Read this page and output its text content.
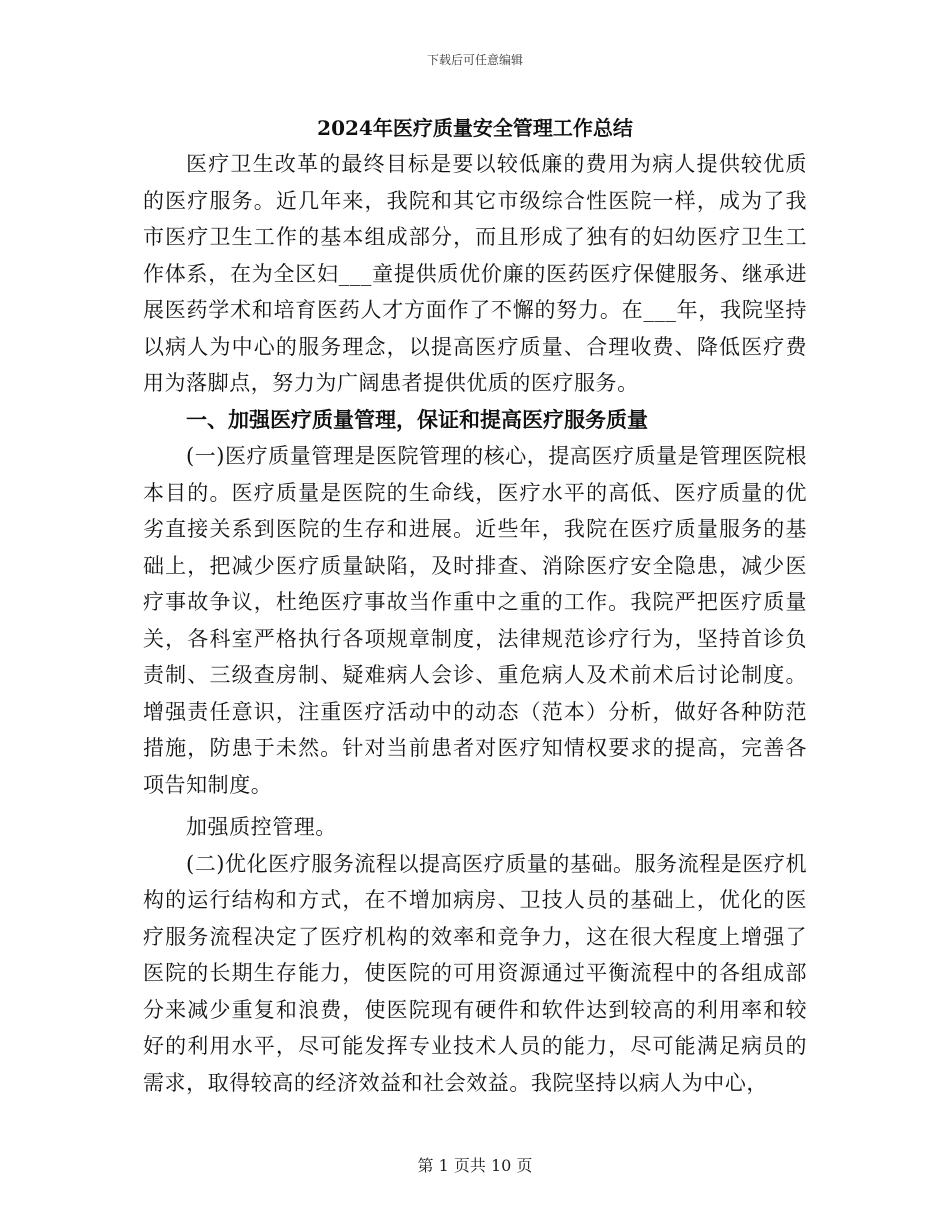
下载后可任意编辑
2024年医疗质量安全管理工作总结

医疗卫生改革的最终目标是要以较低廉的费用为病人提供较优质的医疗服务。近几年来，我院和其它市级综合性医院一样，成为了我市医疗卫生工作的基本组成部分，而且形成了独有的妇幼医疗卫生工作体系，在为全区妇___童提供质优价廉的医药医疗保健服务、继承进展医药学术和培育医药人才方面作了不懈的努力。在___年，我院坚持以病人为中心的服务理念，以提高医疗质量、合理收费、降低医疗费用为落脚点，努力为广阔患者提供优质的医疗服务。

一、加强医疗质量管理，保证和提高医疗服务质量

(一)医疗质量管理是医院管理的核心，提高医疗质量是管理医院根本目的。医疗质量是医院的生命线，医疗水平的高低、医疗质量的优劣直接关系到医院的生存和进展。近些年，我院在医疗质量服务的基础上，把减少医疗质量缺陷，及时排查、消除医疗安全隐患，减少医疗事故争议，杜绝医疗事故当作重中之重的工作。我院严把医疗质量关，各科室严格执行各项规章制度，法律规范诊疗行为，坚持首诊负责制、三级查房制、疑难病人会诊、重危病人及术前术后讨论制度。增强责任意识，注重医疗活动中的动态（范本）分析，做好各种防范措施，防患于未然。针对当前患者对医疗知情权要求的提高，完善各项告知制度。

加强质控管理。

(二)优化医疗服务流程以提高医疗质量的基础。服务流程是医疗机构的运行结构和方式，在不增加病房、卫技人员的基础上，优化的医疗服务流程决定了医疗机构的效率和竞争力，这在很大程度上增强了医院的长期生存能力，使医院的可用资源通过平衡流程中的各组成部分来减少重复和浪费，使医院现有硬件和软件达到较高的利用率和较好的利用水平，尽可能发挥专业技术人员的能力，尽可能满足病员的需求，取得较高的经济效益和社会效益。我院坚持以病人为中心，

第 1 页共 10 页
